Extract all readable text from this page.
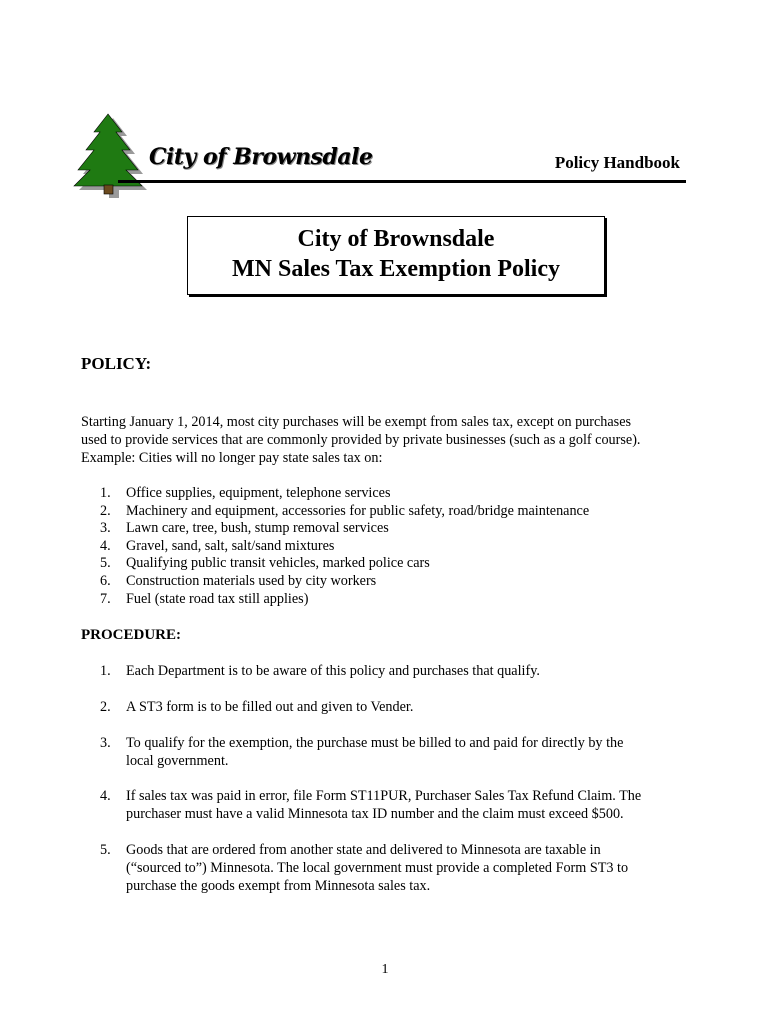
City of Brownsdale	Policy Handbook
City of Brownsdale
MN Sales Tax Exemption Policy
POLICY:
Starting January 1, 2014, most city purchases will be exempt from sales tax, except on purchases
used to provide services that are commonly provided by private businesses (such as a golf course).
Example: Cities will no longer pay state sales tax on:
1. Office supplies, equipment, telephone services
2. Machinery and equipment, accessories for public safety, road/bridge maintenance
3. Lawn care, tree, bush, stump removal services
4. Gravel, sand, salt, salt/sand mixtures
5. Qualifying public transit vehicles, marked police cars
6. Construction materials used by city workers
7. Fuel (state road tax still applies)
PROCEDURE:
1.	Each Department is to be aware of this policy and purchases that qualify.
2.	A ST3 form is to be filled out and given to Vender.
3.	To qualify for the exemption, the purchase must be billed to and paid for directly by the
local government.
4.	If sales tax was paid in error, file Form ST11PUR, Purchaser Sales Tax Refund Claim. The
purchaser must have a valid Minnesota tax ID number and the claim must exceed $500.
5.	Goods that are ordered from another state and delivered to Minnesota are taxable in
(“sourced to”) Minnesota. The local government must provide a completed Form ST3 to
purchase the goods exempt from Minnesota sales tax.
1
